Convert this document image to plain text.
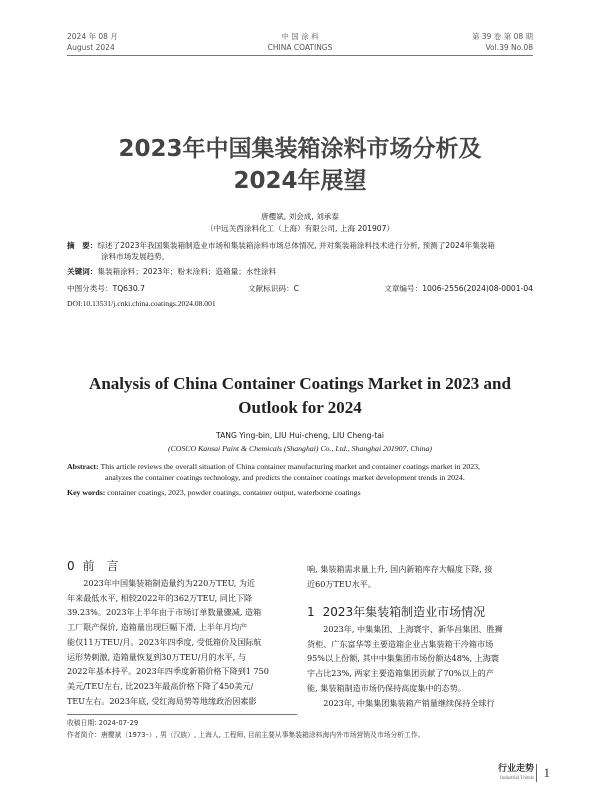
2024 年 08 月
August 2024
中 国 涂 料
CHINA COATINGS
第 39 卷 第 08 期
Vol.39 No.08
2023年中国集装箱涂料市场分析及
2024年展望
唐樱斌, 刘会成, 刘承泰
（中远关西涂料化工（上海）有限公司, 上海 201907）
摘　要：综述了2023年我国集装箱制造业市场和集装箱涂料市场总体情况, 并对集装箱涂料技术进行分析, 预测了2024年集装箱
涂料市场发展趋势。
关键词：集装箱涂料；2023年；粉末涂料；造箱量；水性涂料
中图分类号：TQ630.7	文献标识码：C	文章编号：1006-2556(2024)08-0001-04
DOI:10.13531/j.cnki.china.coatings.2024.08.001
Analysis of China Container Coatings Market in 2023 and
Outlook for 2024
TANG Ying-bin, LIU Hui-cheng, LIU Cheng-tai
(COSCO Kansai Paint & Chemicals (Shanghai) Co., Ltd., Shanghai 201907, China)
Abstract: This article reviews the overall situation of China container manufacturing market and container coatings market in 2023,
analyzes the container coatings technology, and predicts the container coatings market development trends in 2024.
Key words: container coatings, 2023, powder coatings, container output, waterborne coatings
0 前　言
2023年中国集装箱制造量约为220万TEU, 为近
年来最低水平, 相较2022年的362万TEU, 同比下降
39.23%。2023年上半年由于市场订单数量骤减, 造箱
工厂限产保价, 造箱量出现巨幅下滑, 上半年月均产
能仅11万TEU/月。2023年四季度, 受低箱价及国际航
运形势刺激, 造箱量恢复到30万TEU/月的水平, 与
2022年基本持平。2023年四季度新箱价格下降到1 750
美元/TEU左右, 比2023年最高价格下降了450美元/
TEU左右。2023年底, 受红海局势等地缘政治因素影
响, 集装箱需求量上升, 国内新箱库存大幅度下降, 接
近60万TEU水平。
1 2023年集装箱制造业市场情况
2023年, 中集集团、上海寰宇、新华昌集团、胜狮
货柜、广东富华等主要造箱企业占集装箱干冷箱市场
95%以上份额, 其中中集集团市场份额达48%, 上海寰
宇占比23%, 两家主要造箱集团贡献了70%以上的产
能, 集装箱制造市场仍保持高度集中的态势。
2023年, 中集集团集装箱产销量继续保持全球行
收稿日期: 2024-07-29
作者简介：唐樱斌（1973–）, 男（汉族）, 上海人, 工程师, 目前主要从事集装箱涂料海内外市场营销及市场分析工作。
行业走势
Industrial Trends 1
